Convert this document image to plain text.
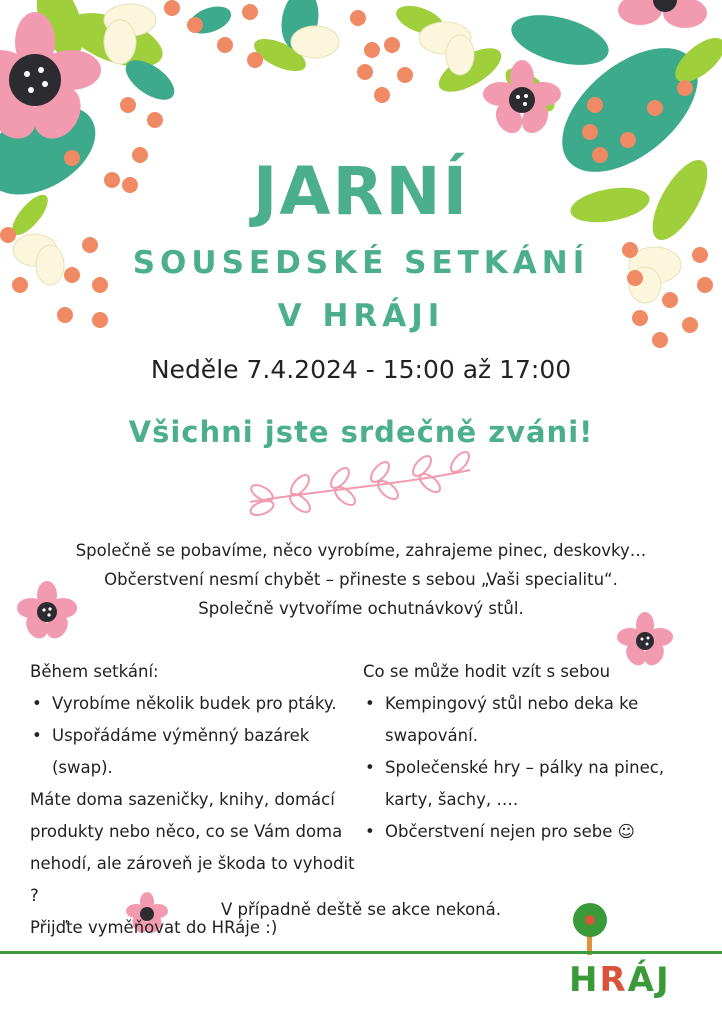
JARNÍ
SOUSEDSKÉ SETKÁNÍ
V HRÁJI
Neděle 7.4.2024 - 15:00 až 17:00
Všichni jste srdečně zváni!
Společně se pobavíme, něco vyrobíme, zahrajeme pinec, deskovky…
Občerstvení nesmí chybět – přineste s sebou „Vaši specialitu“.
Společně vytvoříme ochutnávkový stůl.
Během setkání:
• Vyrobíme několik budek pro ptáky.
• Uspořádáme výměnný bazárek (swap).
Máte doma sazeničky, knihy, domácí
produkty nebo něco, co se Vám doma
nehodí, ale zároveň je škoda to vyhodit ?
Přijďte vyměňovat do HRáje :)
Co se může hodit vzít s sebou
• Kempingový stůl nebo deka ke swapování.
• Společenské hry – pálky na pinec, karty, šachy, ….
• Občerstvení nejen pro sebe ☺
V případně deště se akce nekoná.
HRÁJ
